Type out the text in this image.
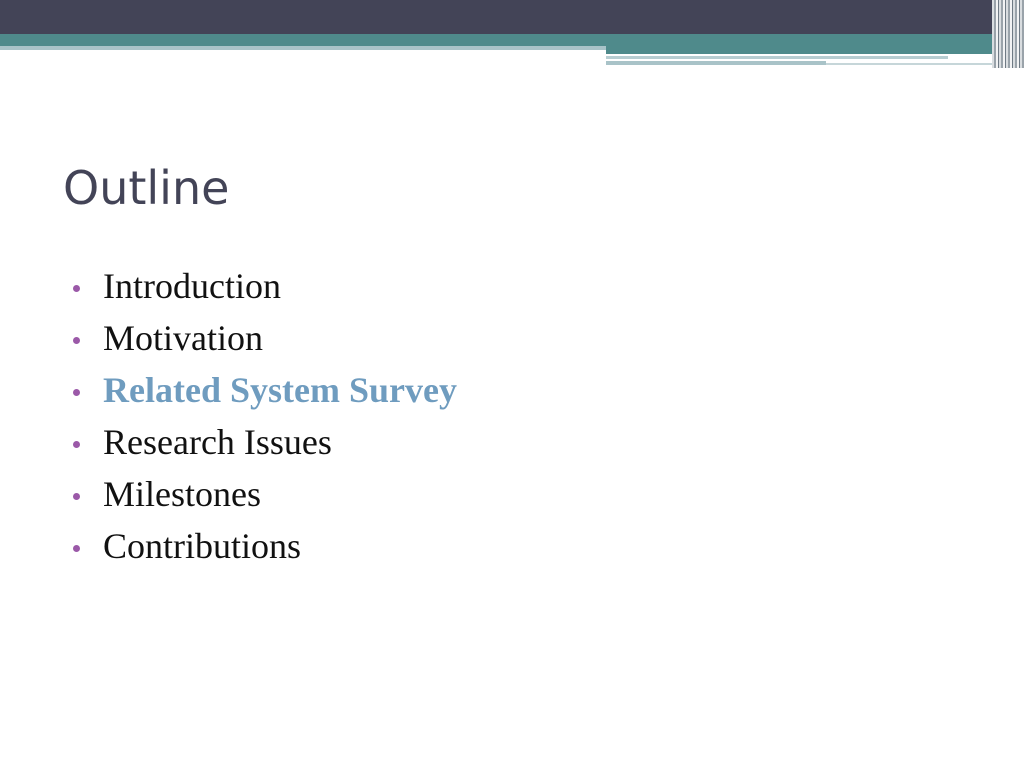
Outline
Introduction
Motivation
Related System Survey
Research Issues
Milestones
Contributions
